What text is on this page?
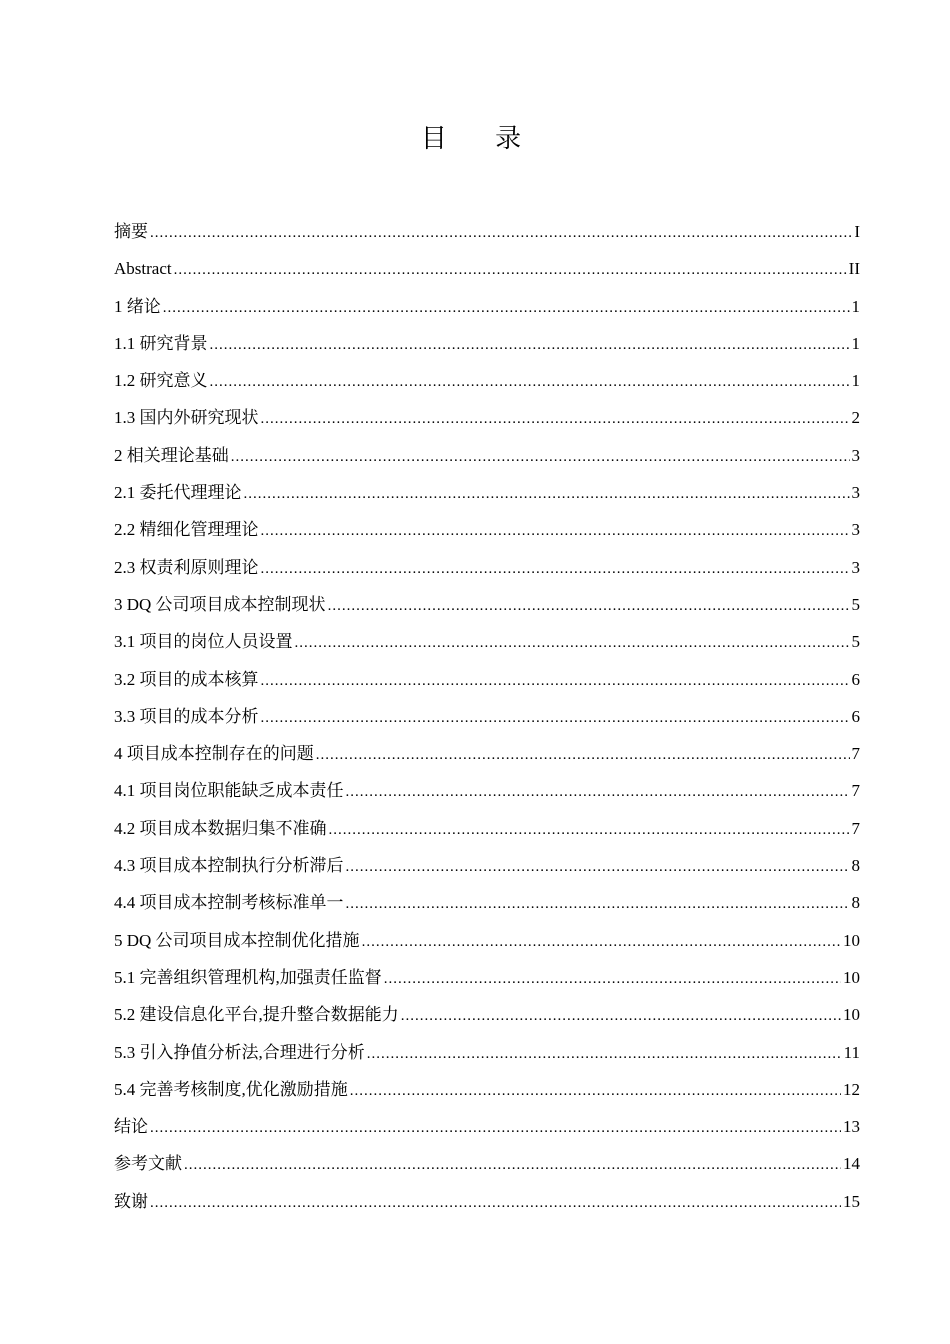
目 录
摘要 .....	I
Abstract .....	II
1 绪论 .....	1
1.1 研究背景 .....	1
1.2 研究意义 .....	1
1.3 国内外研究现状 .....	2
2 相关理论基础 .....	3
2.1 委托代理理论 .....	3
2.2 精细化管理理论 .....	3
2.3 权责利原则理论 .....	3
3 DQ 公司项目成本控制现状 .....	5
3.1 项目的岗位人员设置 .....	5
3.2 项目的成本核算 .....	6
3.3 项目的成本分析 .....	6
4 项目成本控制存在的问题 .....	7
4.1 项目岗位职能缺乏成本责任 .....	7
4.2 项目成本数据归集不准确 .....	7
4.3 项目成本控制执行分析滞后 .....	8
4.4 项目成本控制考核标准单一 .....	8
5 DQ 公司项目成本控制优化措施 .....	10
5.1 完善组织管理机构,加强责任监督 .....	10
5.2 建设信息化平台,提升整合数据能力 .....	10
5.3 引入挣值分析法,合理进行分析 .....	11
5.4 完善考核制度,优化激励措施 .....	12
结论 .....	13
参考文献 .....	14
致谢 .....	15
